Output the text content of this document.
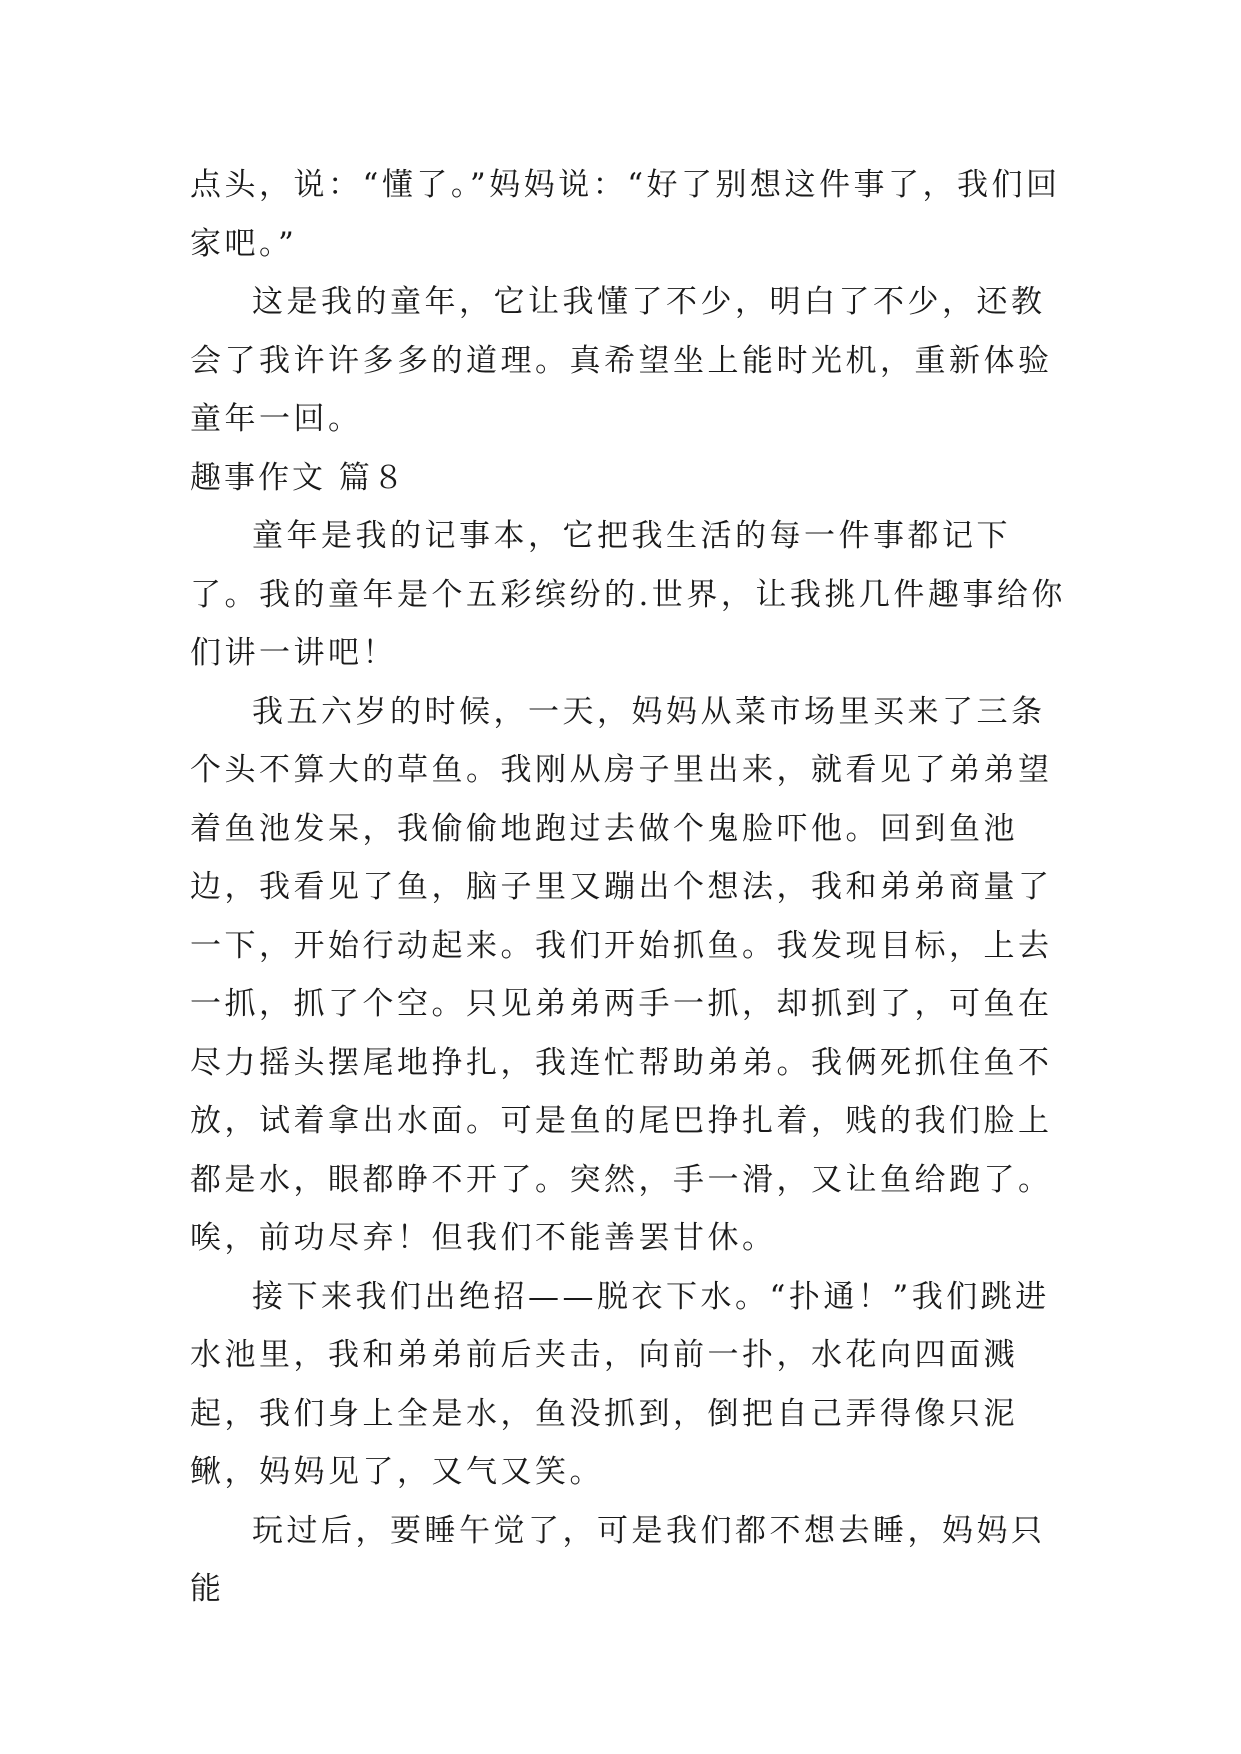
点头，说：“懂了。”妈妈说：“好了别想这件事了，我们回家吧。”

这是我的童年，它让我懂了不少，明白了不少，还教会了我许许多多的道理。真希望坐上能时光机，重新体验童年一回。

趣事作文 篇８

童年是我的记事本，它把我生活的每一件事都记下了。我的童年是个五彩缤纷的.世界，让我挑几件趣事给你们讲一讲吧！

我五六岁的时候，一天，妈妈从菜市场里买来了三条个头不算大的草鱼。我刚从房子里出来，就看见了弟弟望着鱼池发呆，我偷偷地跑过去做个鬼脸吓他。回到鱼池边，我看见了鱼，脑子里又蹦出个想法，我和弟弟商量了一下，开始行动起来。我们开始抓鱼。我发现目标，上去一抓，抓了个空。只见弟弟两手一抓，却抓到了，可鱼在尽力摇头摆尾地挣扎，我连忙帮助弟弟。我俩死抓住鱼不放，试着拿出水面。可是鱼的尾巴挣扎着，贱的我们脸上都是水，眼都睁不开了。突然，手一滑，又让鱼给跑了。唉，前功尽弃！但我们不能善罢甘休。

接下来我们出绝招——脱衣下水。“扑通！”我们跳进水池里，我和弟弟前后夹击，向前一扑，水花向四面溅起，我们身上全是水，鱼没抓到，倒把自己弄得像只泥鳅，妈妈见了，又气又笑。

玩过后，要睡午觉了，可是我们都不想去睡，妈妈只能
